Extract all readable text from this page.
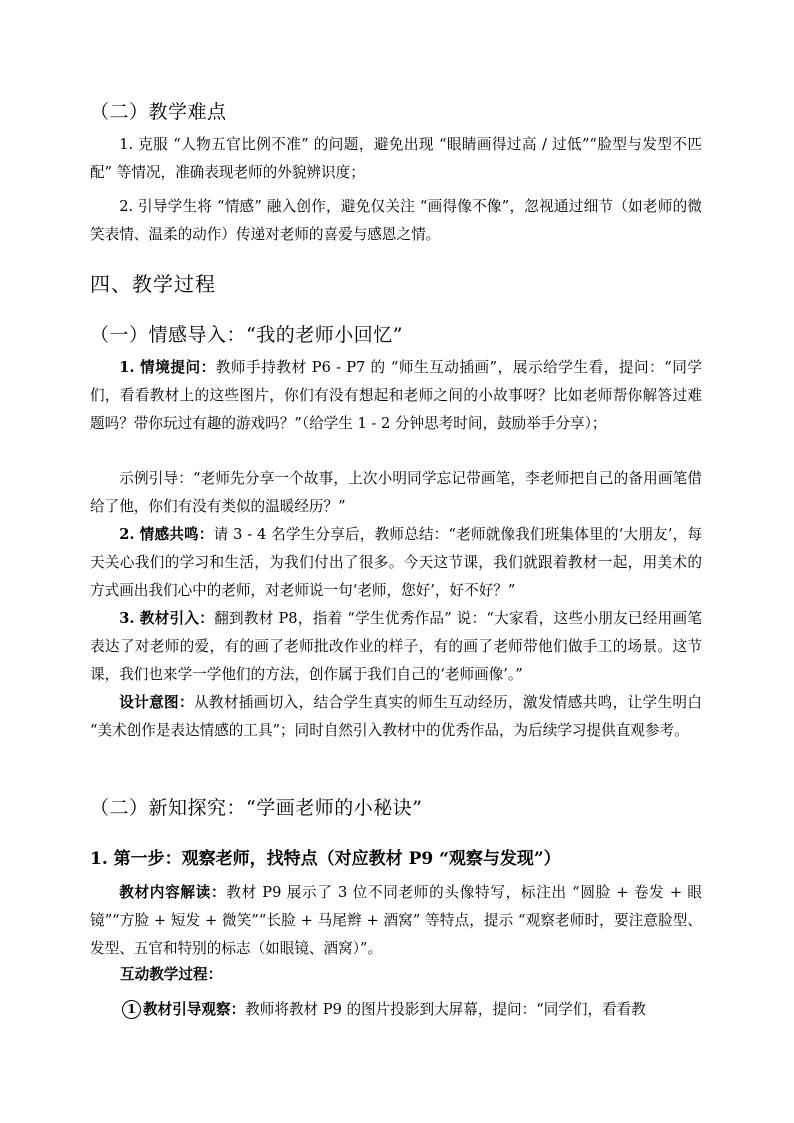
（二）教学难点

1. 克服 “人物五官比例不准” 的问题，避免出现 “眼睛画得过高 / 过低”“脸型与发型不匹配” 等情况，准确表现老师的外貌辨识度；

2. 引导学生将 “情感” 融入创作，避免仅关注 “画得像不像”，忽视通过细节（如老师的微笑表情、温柔的动作）传递对老师的喜爱与感恩之情。

四、教学过程
（一）情感导入：“我的老师小回忆”

1. 情境提问：教师手持教材 P6 - P7 的 “师生互动插画”，展示给学生看，提问：“同学们，看看教材上的这些图片，你们有没有想起和老师之间的小故事呀？比如老师帮你解答过难题吗？带你玩过有趣的游戏吗？”（给学生 1 - 2 分钟思考时间，鼓励举手分享）；

示例引导：“老师先分享一个故事，上次小明同学忘记带画笔，李老师把自己的备用画笔借给了他，你们有没有类似的温暖经历？”

2. 情感共鸣：请 3 - 4 名学生分享后，教师总结：“老师就像我们班集体里的‘大朋友’，每天关心我们的学习和生活，为我们付出了很多。今天这节课，我们就跟着教材一起，用美术的方式画出我们心中的老师，对老师说一句‘老师，您好’，好不好？”

3. 教材引入：翻到教材 P8，指着 “学生优秀作品” 说：“大家看，这些小朋友已经用画笔表达了对老师的爱，有的画了老师批改作业的样子，有的画了老师带他们做手工的场景。这节课，我们也来学一学他们的方法，创作属于我们自己的‘老师画像’。”

设计意图：从教材插画切入，结合学生真实的师生互动经历，激发情感共鸣，让学生明白 “美术创作是表达情感的工具”；同时自然引入教材中的优秀作品，为后续学习提供直观参考。

（二）新知探究：“学画老师的小秘诀”
1. 第一步：观察老师，找特点（对应教材 P9 “观察与发现”）

教材内容解读：教材 P9 展示了 3 位不同老师的头像特写，标注出 “圆脸 + 卷发 + 眼镜”“方脸 + 短发 + 微笑”“长脸 + 马尾辫 + 酒窝” 等特点，提示 “观察老师时，要注意脸型、发型、五官和特别的标志（如眼镜、酒窝）”。

互动教学过程：

1 教材引导观察：教师将教材 P9 的图片投影到大屏幕，提问：“同学们，看看教
